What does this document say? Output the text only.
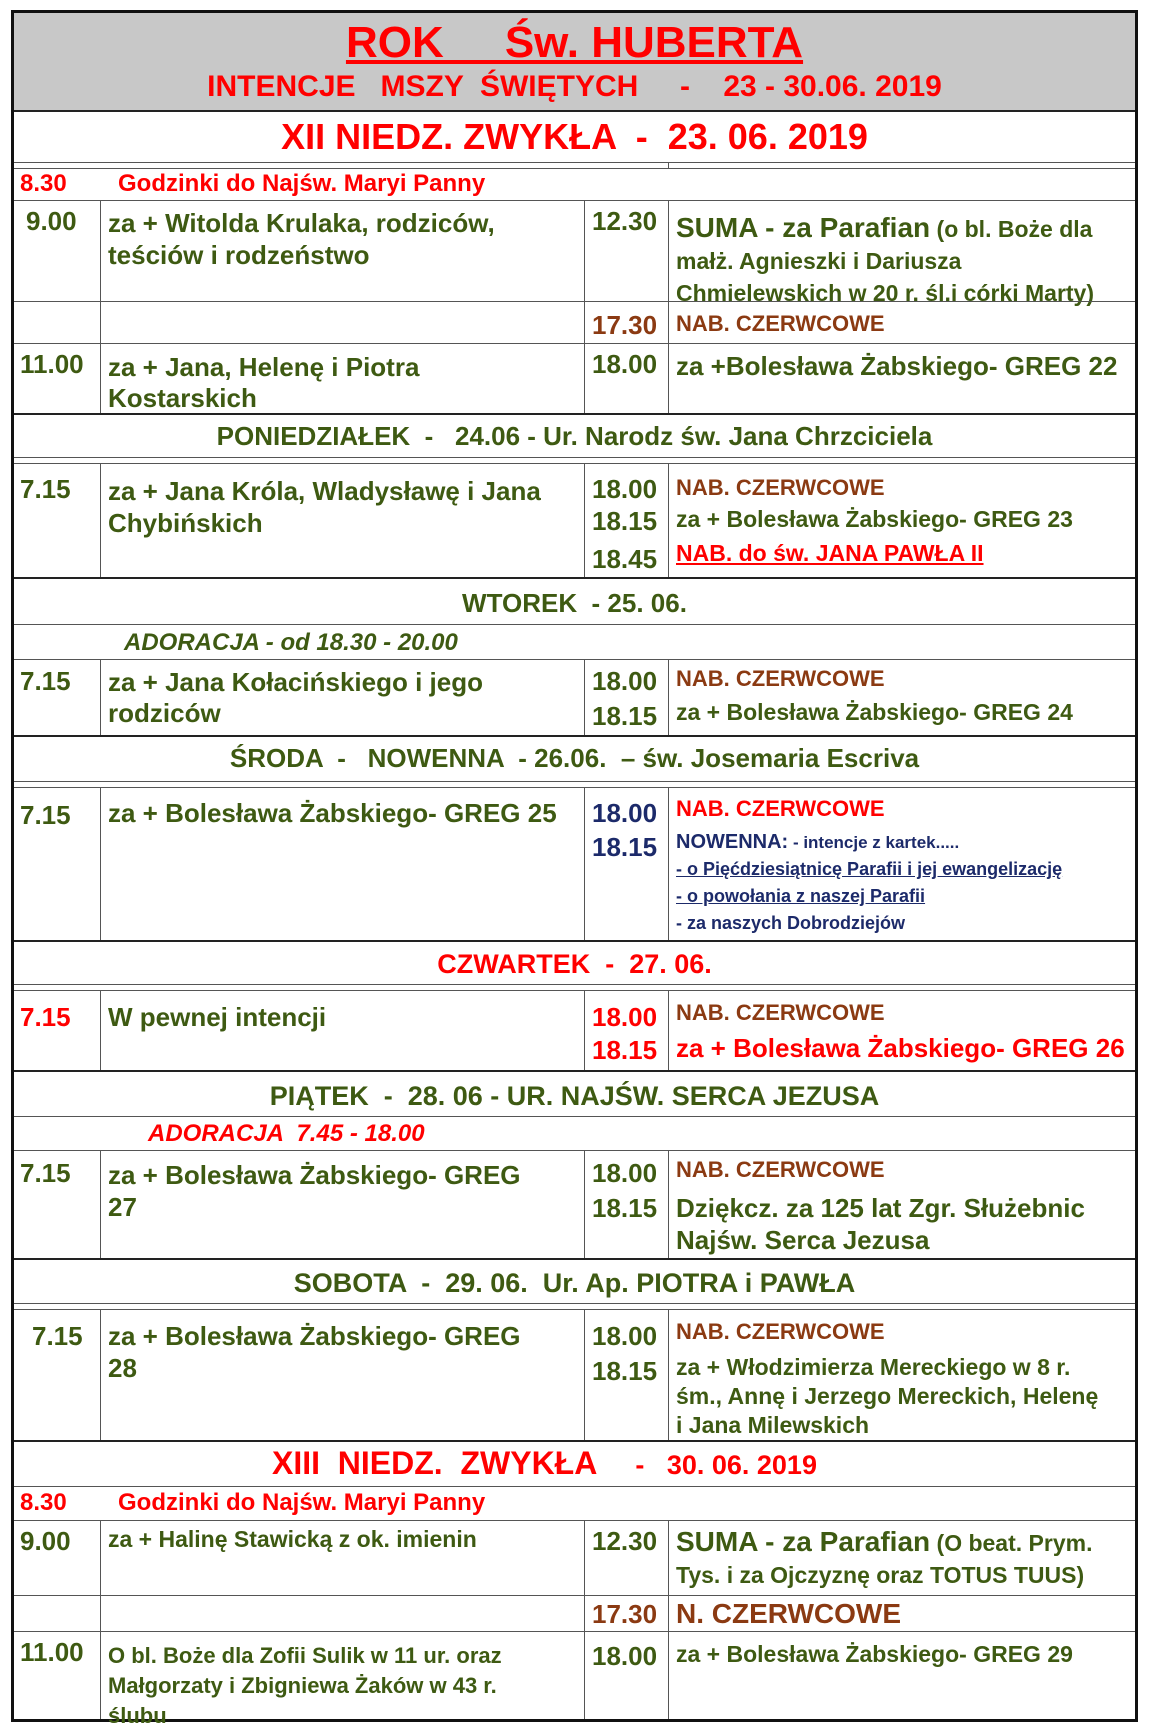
ROK     Św. HUBERTA
INTENCJE   MSZY  ŚWIĘTYCH     -    23 - 30.06. 2019
XII NIEDZ. ZWYKŁA  -  23. 06. 2019
8.30 Godzinki do Najśw. Maryi Panny
9.00 za + Witolda Krulaka, rodziców,
teściów i rodzeństwo
12.30 SUMA - za Parafian (o bl. Boże dla
małż. Agnieszki i Dariusza
Chmielewskich w 20 r. śl.i córki Marty)
17.30 NAB. CZERWCOWE
11.00 za + Jana, Helenę i Piotra
Kostarskich
18.00 za +Bolesława Żabskiego- GREG 22
PONIEDZIAŁEK  -   24.06 - Ur. Narodz św. Jana Chrzciciela
7.15 za + Jana Króla, Wladysławę i Jana
Chybińskich
18.00 NAB. CZERWCOWE
18.15 za + Bolesława Żabskiego- GREG 23
18.45 NAB. do św. JANA PAWŁA II
WTOREK  - 25. 06.
ADORACJA - od 18.30 - 20.00
7.15 za + Jana Kołacińskiego i jego
rodziców
18.00 NAB. CZERWCOWE
18.15 za + Bolesława Żabskiego- GREG 24
ŚRODA  -   NOWENNA  - 26.06.  – św. Josemaria Escriva
7.15 za + Bolesława Żabskiego- GREG 25 18.00 NAB. CZERWCOWE
18.15 NOWENNA: - intencje z kartek.....
- o Pięćdziesiątnicę Parafii i jej ewangelizację
- o powołania z naszej Parafii
- za naszych Dobrodziejów
CZWARTEK  -  27. 06.
7.15 W pewnej intencji	18.00 NAB. CZERWCOWE
18.15 za + Bolesława Żabskiego- GREG 26
PIĄTEK  -  28. 06 - UR. NAJŚW. SERCA JEZUSA
ADORACJA  7.45 - 18.00
7.15 za + Bolesława Żabskiego- GREG
27
18.00 NAB. CZERWCOWE
18.15 Dziękcz. za 125 lat Zgr. Służebnic
Najśw. Serca Jezusa
SOBOTA  -  29. 06.  Ur. Ap. PIOTRA i PAWŁA
7.15 za + Bolesława Żabskiego- GREG
28
18.00 NAB. CZERWCOWE
18.15 za + Włodzimierza Mereckiego w 8 r.
śm., Annę i Jerzego Mereckich, Helenę
i Jana Milewskich
XIII  NIEDZ.  ZWYKŁA -   30. 06. 2019
8.30 Godzinki do Najśw. Maryi Panny
9.00 za + Halinę Stawicką z ok. imienin	12.30 SUMA - za Parafian (O beat. Prym.
Tys. i za Ojczyznę oraz TOTUS TUUS)
17.30 N. CZERWCOWE
11.00 O bl. Boże dla Zofii Sulik w 11 ur. oraz
Małgorzaty i Zbigniewa Żaków w 43 r.
ślubu
18.00 za + Bolesława Żabskiego- GREG 29
